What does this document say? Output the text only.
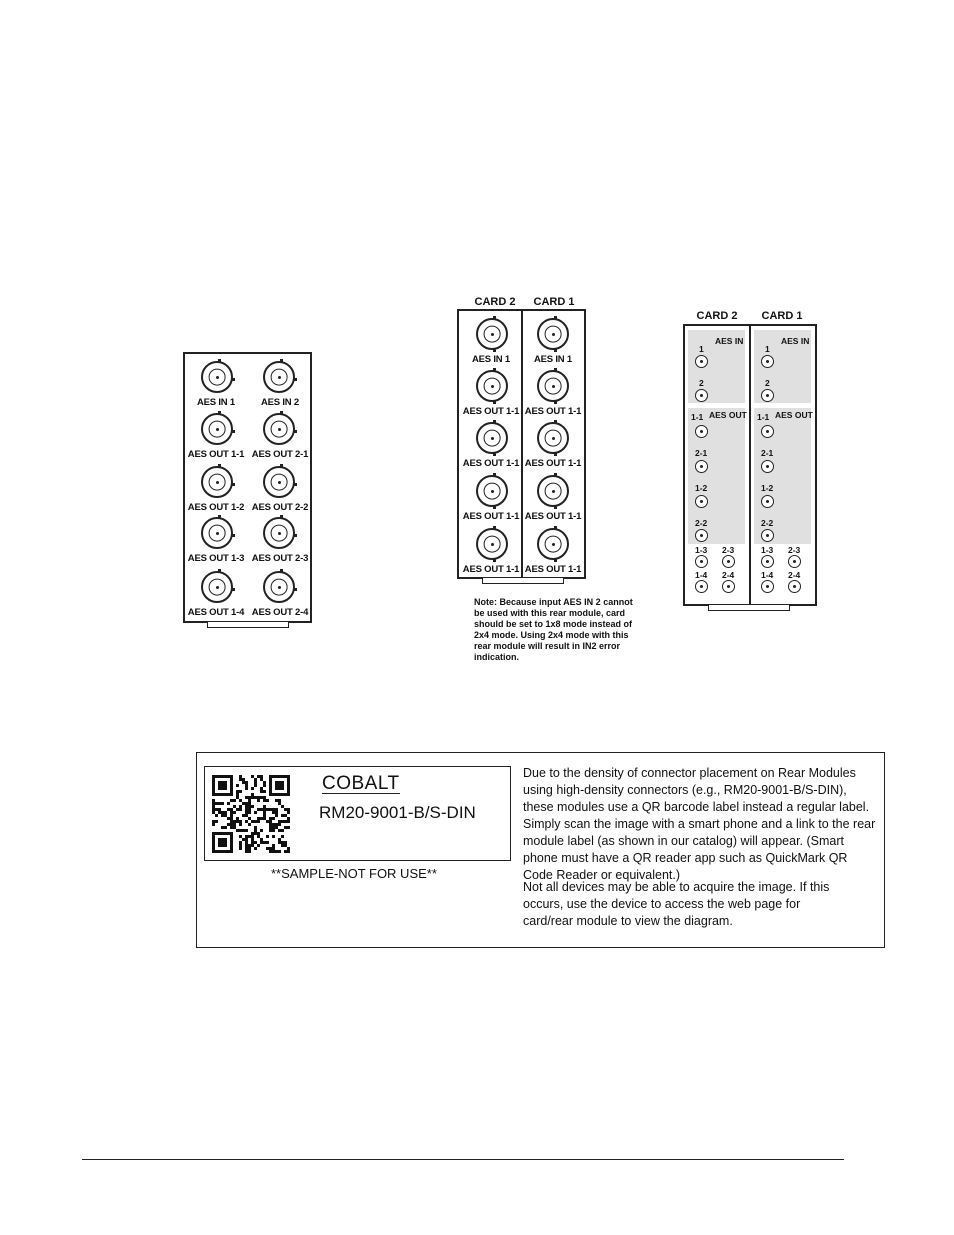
AES IN 1	AES IN 2
AES OUT 1-1 AES OUT 2-1
AES OUT 1-2 AES OUT 2-2
AES OUT 1-3 AES OUT 2-3
AES OUT 1-4 AES OUT 2-4
CARD 2 CARD 1
AES IN 1	AES IN 1
AES OUT 1-1 AES OUT 1-1
AES OUT 1-1 AES OUT 1-1
AES OUT 1-1 AES OUT 1-1
AES OUT 1-1 AES OUT 1-1
Note: Because input AES IN 2 cannot be used with this rear module, card should be set to 1x8 mode instead of 2x4 mode. Using 2x4 mode with this rear module will result in IN2 error indication.
CARD 2 CARD 1
1
2
AES IN
1-1 AES OUT
2-1
1-2
2-2
1-3 2-3
1-4 2-4
1
2
AES IN
1-1 AES OUT
2-1
1-2
2-2
1-3 2-3
1-4 2-4
COBALT
RM20-9001-B/S-DIN
**SAMPLE-NOT FOR USE**
Due to the density of connector placement on Rear Modules using high-density connectors (e.g., RM20-9001-B/S-DIN), these modules use a QR barcode label instead a regular label. Simply scan the image with a smart phone and a link to the rear module label (as shown in our catalog) will appear. (Smart phone must have a QR reader app such as QuickMark QR Code Reader or equivalent.)
Not all devices may be able to acquire the image. If this occurs, use the device to access the web page for card/rear module to view the diagram.
